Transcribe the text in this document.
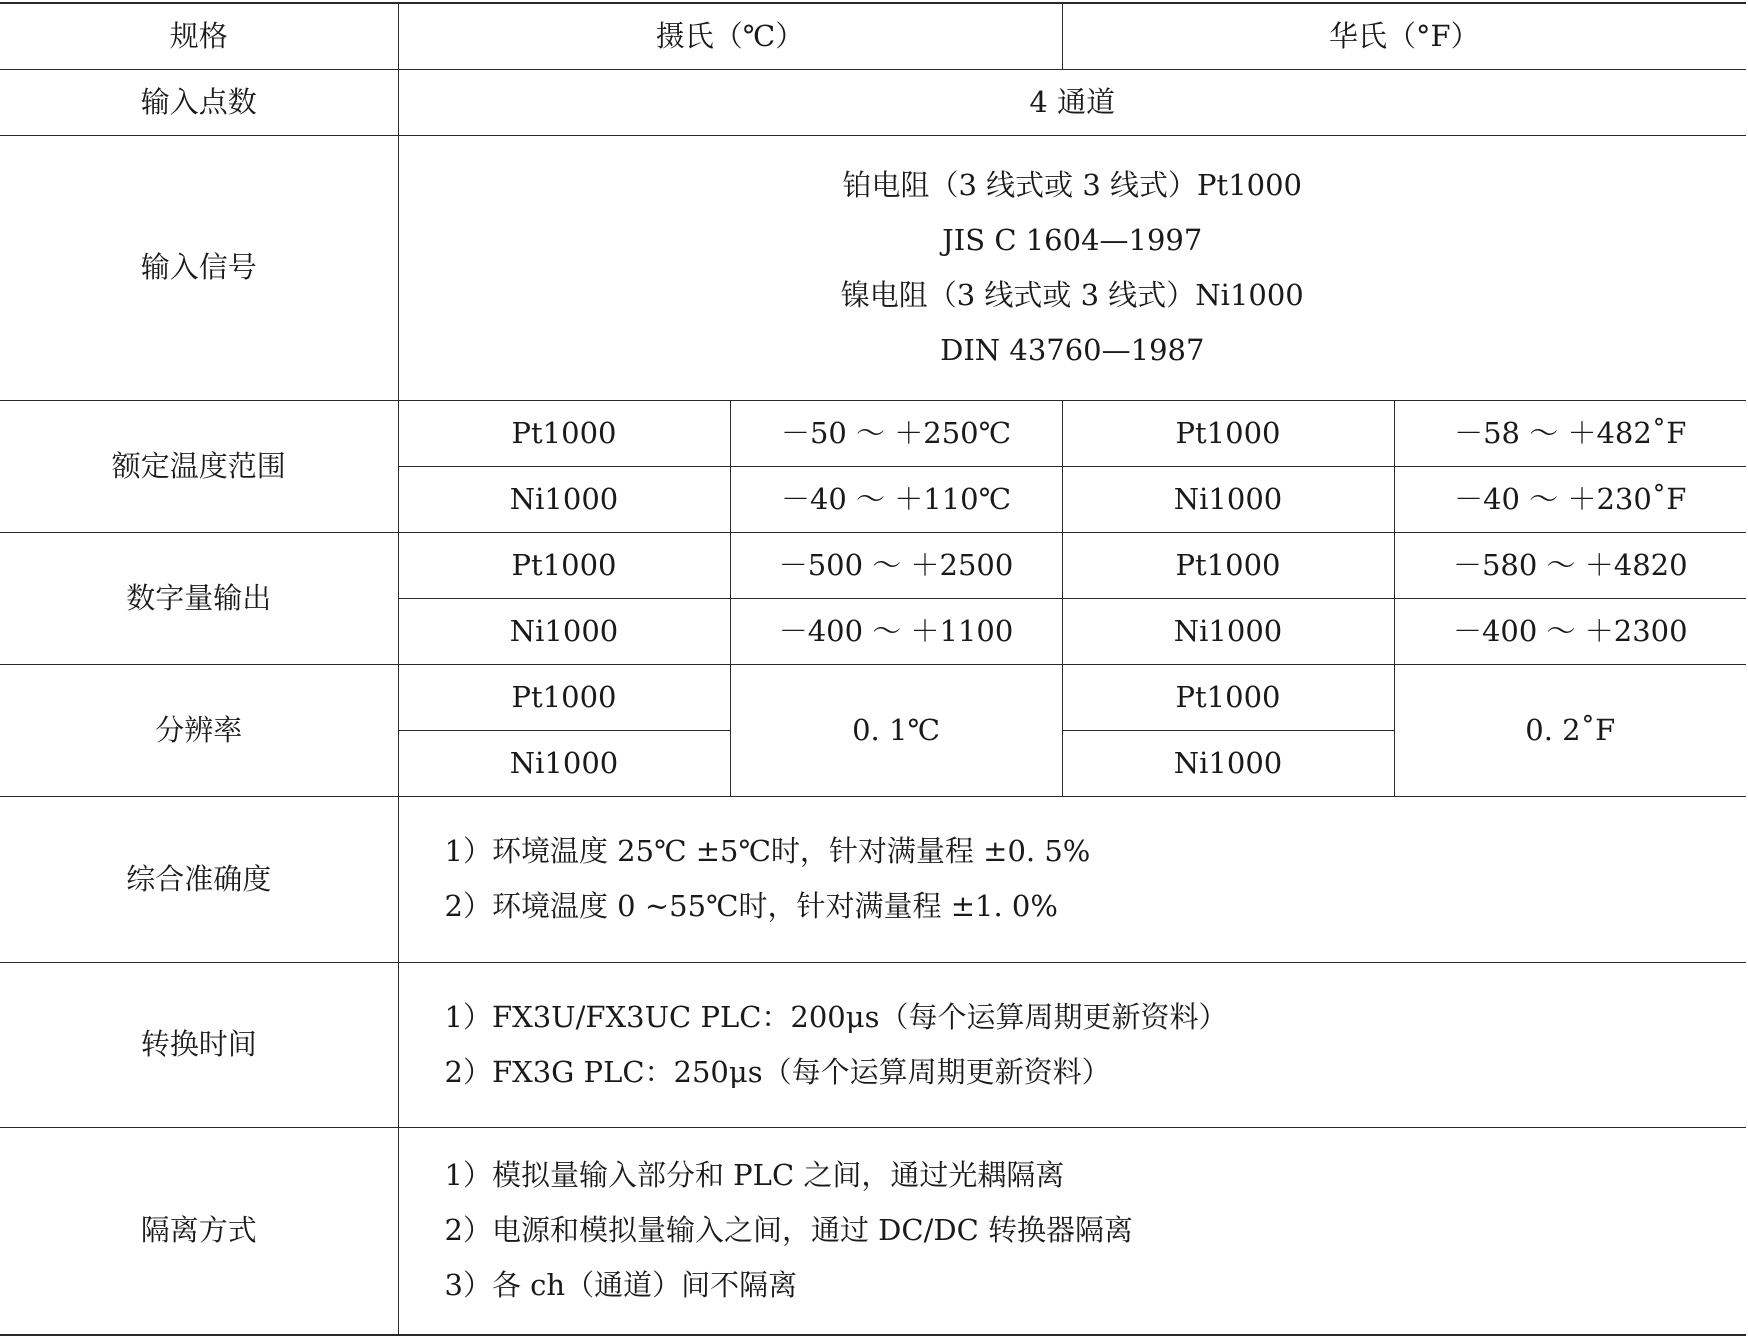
规格	摄氏（℃）		华氏（°F）	
输入点数	4 通道			
输入信号	铂电阻（3 线式或 3 线式）Pt1000
JIS C 1604—1997
镍电阻（3 线式或 3 线式）Ni1000
DIN 43760—1987			

额定温度范围	Pt1000	－50 ～ ＋250℃	Pt1000	－58 ～ ＋482˚F
	Ni1000	－40 ～ ＋110℃	Ni1000	－40 ～ ＋230˚F
数字量输出	Pt1000	－500 ～ ＋2500	Pt1000	－580 ～ ＋4820
	Ni1000	－400 ～ ＋1100	Ni1000	－400 ～ ＋2300
分辨率	Pt1000	0. 1℃	Pt1000	0. 2˚F
	Ni1000		Ni1000	
综合准确度	1）环境温度 25℃ ±5℃时，针对满量程 ±0. 5%
2）环境温度 0 ~55℃时，针对满量程 ±1. 0%			

转换时间	1）FX3U/FX3UC PLC：200μs（每个运算周期更新资料）
2）FX3G PLC：250μs（每个运算周期更新资料）			

隔离方式	1）模拟量输入部分和 PLC 之间，通过光耦隔离
2）电源和模拟量输入之间，通过 DC/DC 转换器隔离
3）各 ch（通道）间不隔离			
